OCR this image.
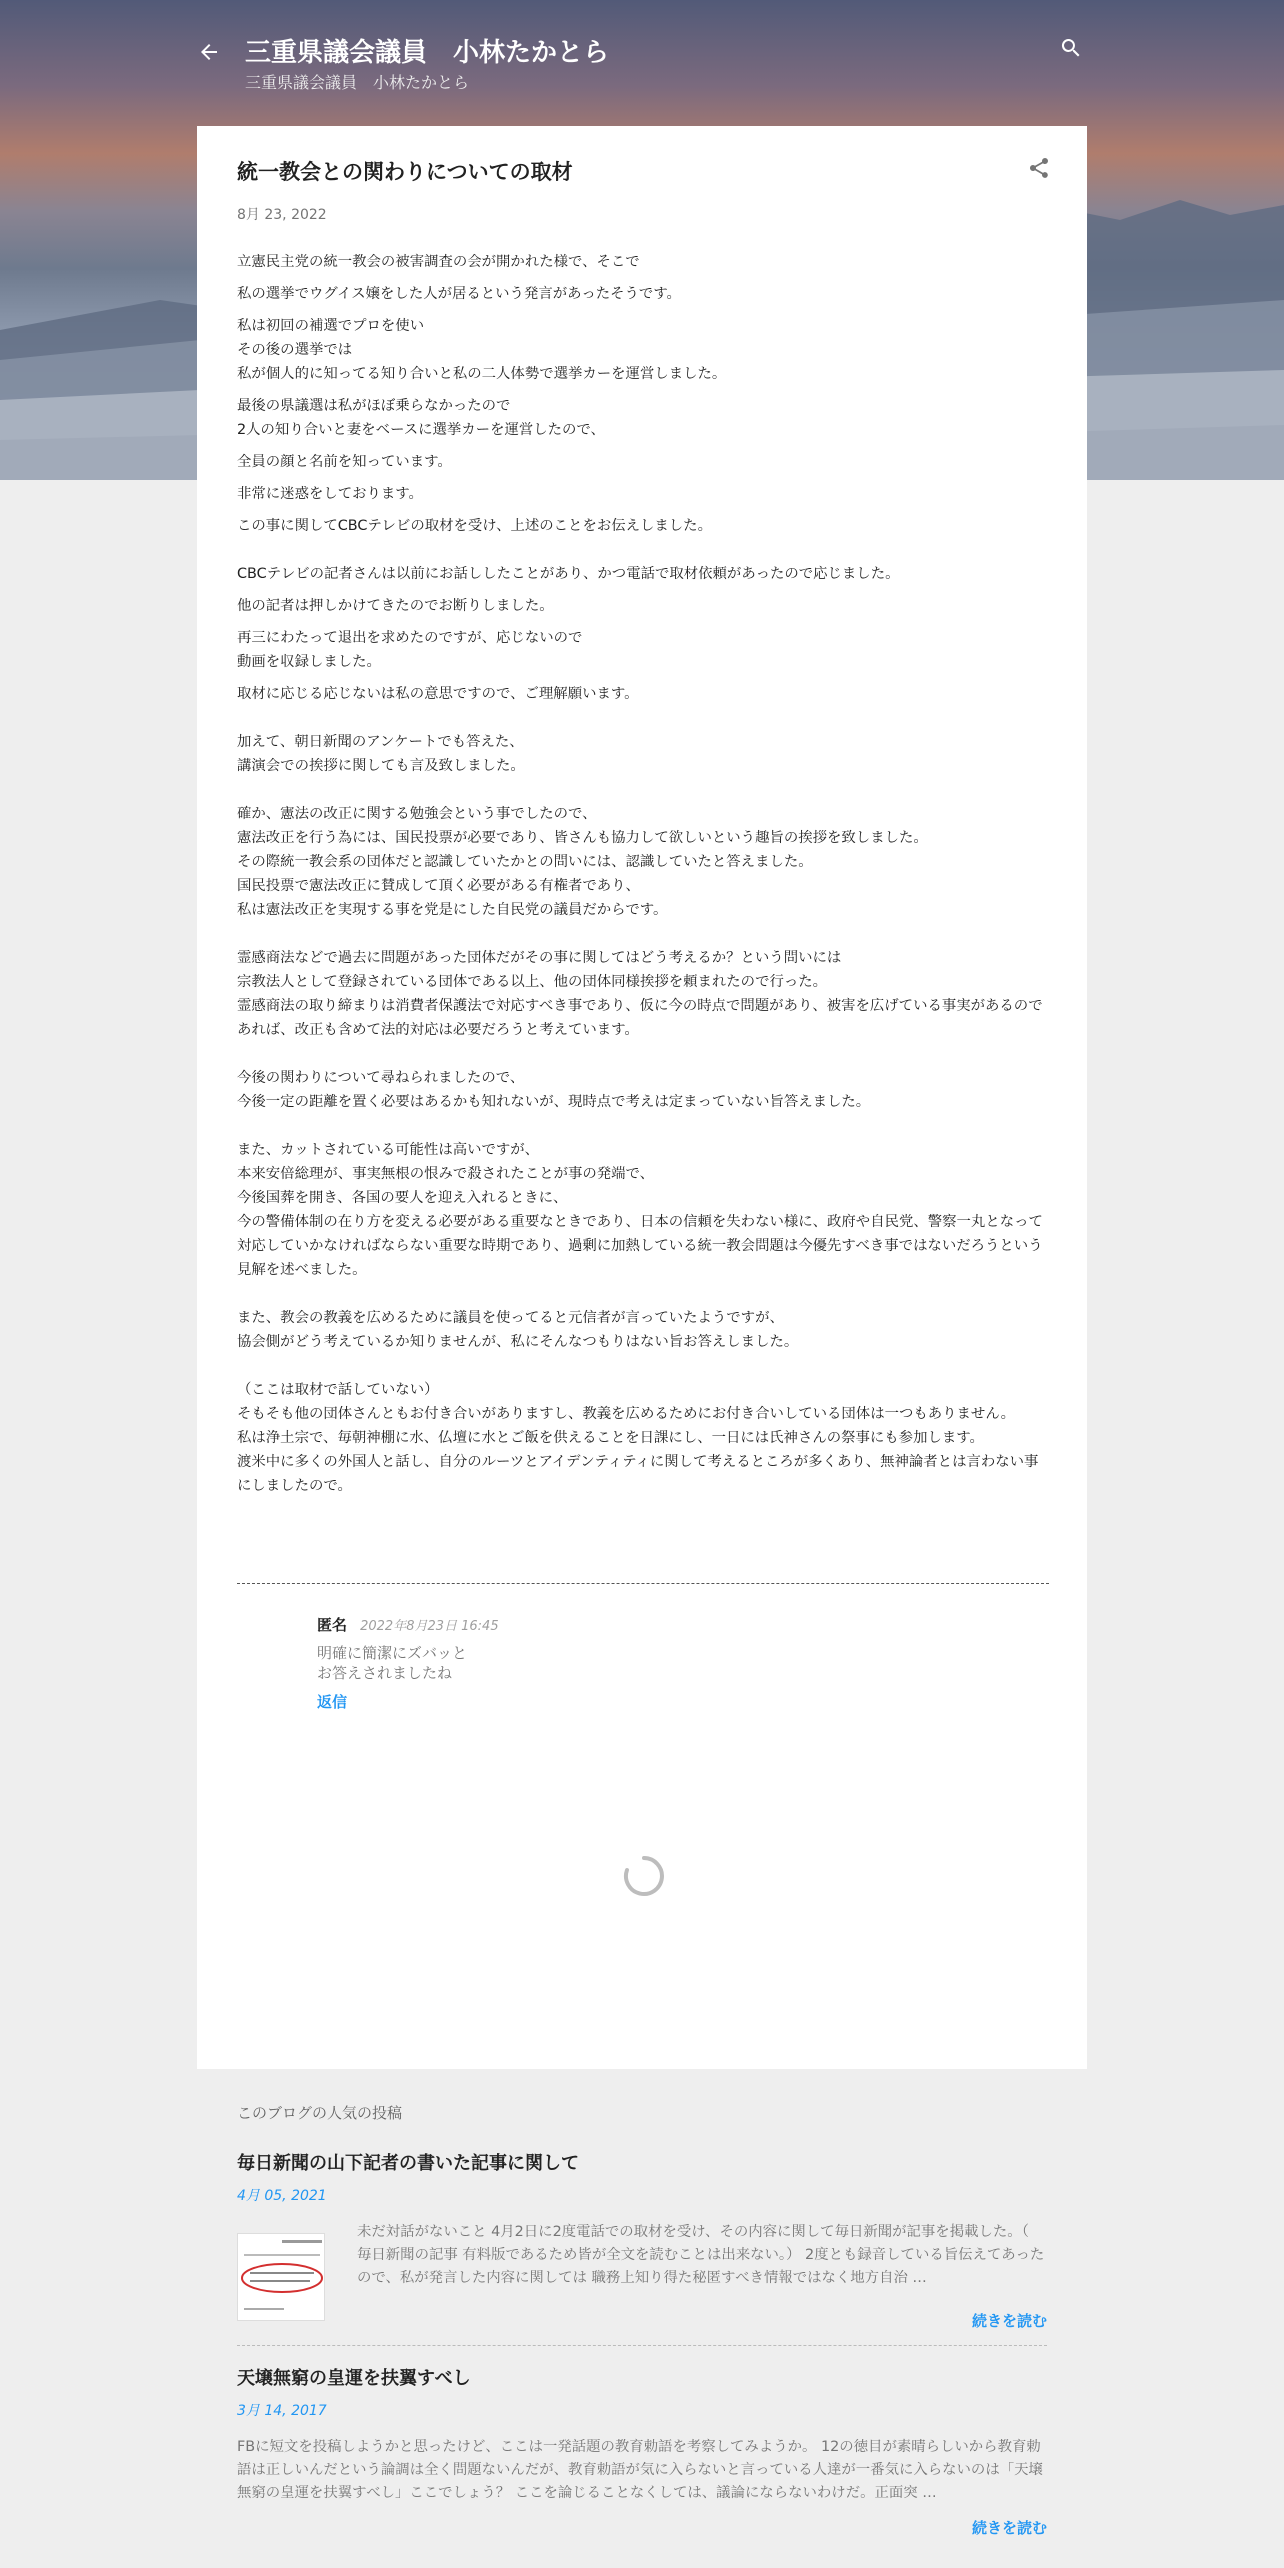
三重県議会議員　小林たかとら
三重県議会議員　小林たかとら
統一教会との関わりについての取材
8月 23, 2022

立憲民主党の統一教会の被害調査の会が開かれた様で、そこで

私の選挙でウグイス嬢をした人が居るという発言があったそうです。

私は初回の補選でプロを使い
その後の選挙では
私が個人的に知ってる知り合いと私の二人体勢で選挙カーを運営しました。

最後の県議選は私がほぼ乗らなかったので
2人の知り合いと妻をベースに選挙カーを運営したので、

全員の顔と名前を知っています。

非常に迷惑をしております。

この事に関してCBCテレビの取材を受け、上述のことをお伝えしました。

CBCテレビの記者さんは以前にお話ししたことがあり、かつ電話で取材依頼があったので応じました。

他の記者は押しかけてきたのでお断りしました。

再三にわたって退出を求めたのですが、応じないので
動画を収録しました。

取材に応じる応じないは私の意思ですので、ご理解願います。

加えて、朝日新聞のアンケートでも答えた、
講演会での挨拶に関しても言及致しました。

確か、憲法の改正に関する勉強会という事でしたので、
憲法改正を行う為には、国民投票が必要であり、皆さんも協力して欲しいという趣旨の挨拶を致しました。
その際統一教会系の団体だと認識していたかとの問いには、認識していたと答えました。
国民投票で憲法改正に賛成して頂く必要がある有権者であり、
私は憲法改正を実現する事を党是にした自民党の議員だからです。

霊感商法などで過去に問題があった団体だがその事に関してはどう考えるか？という問いには
宗教法人として登録されている団体である以上、他の団体同様挨拶を頼まれたので行った。
霊感商法の取り締まりは消費者保護法で対応すべき事であり、仮に今の時点で問題があり、被害を広げている事実があるのであれば、改正も含めて法的対応は必要だろうと考えています。

今後の関わりについて尋ねられましたので、
今後一定の距離を置く必要はあるかも知れないが、現時点で考えは定まっていない旨答えました。

また、カットされている可能性は高いですが、
本来安倍総理が、事実無根の恨みで殺されたことが事の発端で、
今後国葬を開き、各国の要人を迎え入れるときに、
今の警備体制の在り方を変える必要がある重要なときであり、日本の信頼を失わない様に、政府や自民党、警察一丸となって対応していかなければならない重要な時期であり、過剰に加熱している統一教会問題は今優先すべき事ではないだろうという見解を述べました。

また、教会の教義を広めるために議員を使ってると元信者が言っていたようですが、
協会側がどう考えているか知りませんが、私にそんなつもりはない旨お答えしました。

（ここは取材で話していない）
そもそも他の団体さんともお付き合いがありますし、教義を広めるためにお付き合いしている団体は一つもありません。
私は浄土宗で、毎朝神棚に水、仏壇に水とご飯を供えることを日課にし、一日には氏神さんの祭事にも参加します。
渡米中に多くの外国人と話し、自分のルーツとアイデンティティに関して考えるところが多くあり、無神論者とは言わない事にしましたので。

匿名 2022年8月23日 16:45
明確に簡潔にズバッと
お答えされましたね
返信
このブログの人気の投稿
毎日新聞の山下記者の書いた記事に関して
4月 05, 2021
未だ対話がないこと 4月2日に2度電話での取材を受け、その内容に関して毎日新聞が記事を掲載した。（ 毎日新聞の記事 有料版であるため皆が全文を読むことは出来ない。） 2度とも録音している旨伝えてあったので、私が発言した内容に関しては 職務上知り得た秘匿すべき情報ではなく地方自治 …
続きを読む
天壌無窮の皇運を扶翼すべし
3月 14, 2017
FBに短文を投稿しようかと思ったけど、ここは一発話題の教育勅語を考察してみようか。 12の徳目が素晴らしいから教育勅語は正しいんだという論調は全く問題ないんだが、教育勅語が気に入らないと言っている人達が一番気に入らないのは「天壌無窮の皇運を扶翼すべし」ここでしょう？ ここを論じることなくしては、議論にならないわけだ。正面突 …
続きを読む
